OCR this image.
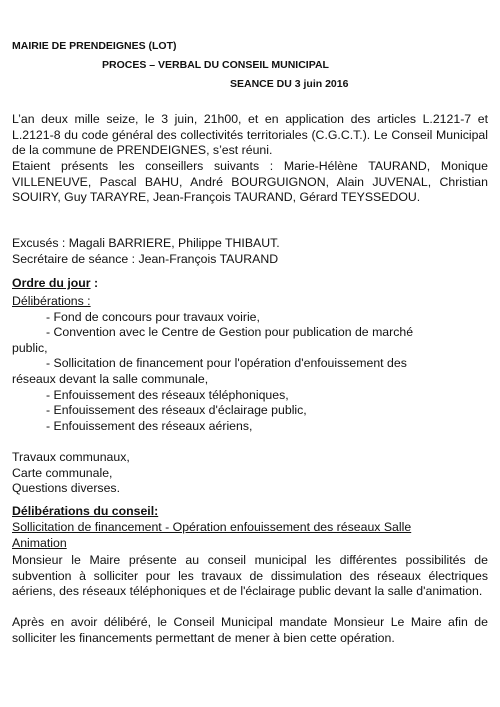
MAIRIE DE PRENDEIGNES (LOT)
PROCES – VERBAL DU CONSEIL MUNICIPAL
SEANCE DU 3 juin 2016
L’an deux mille seize, le 3 juin, 21h00, et en application des articles L.2121-7 et L.2121-8 du code général des collectivités territoriales (C.G.C.T.). Le Conseil Municipal de la commune de PRENDEIGNES, s’est réuni.
Etaient présents les conseillers suivants : Marie-Hélène TAURAND, Monique VILLENEUVE, Pascal BAHU, André BOURGUIGNON, Alain JUVENAL, Christian SOUIRY, Guy TARAYRE, Jean-François TAURAND, Gérard TEYSSEDOU.
Excusés : Magali BARRIERE, Philippe THIBAUT.
Secrétaire de séance : Jean-François TAURAND
Ordre du jour :

Délibérations :

- Fond de concours pour travaux voirie,

- Convention avec le Centre de Gestion pour publication de marché

public,

- Sollicitation de financement pour l'opération d'enfouissement des

réseaux devant la salle communale,

- Enfouissement des réseaux téléphoniques,

- Enfouissement des réseaux d'éclairage public,

- Enfouissement des réseaux aériens,

Travaux communaux,

Carte communale,

Questions diverses.

Délibérations du conseil:

Sollicitation de financement - Opération enfouissement des réseaux Salle

Animation

Monsieur le Maire présente au conseil municipal les différentes possibilités de subvention à solliciter pour les travaux de dissimulation des réseaux électriques aériens, des réseaux téléphoniques et de l'éclairage public devant la salle d'animation.
Après en avoir délibéré, le Conseil Municipal mandate Monsieur Le Maire afin de solliciter les financements permettant de mener à bien cette opération.
